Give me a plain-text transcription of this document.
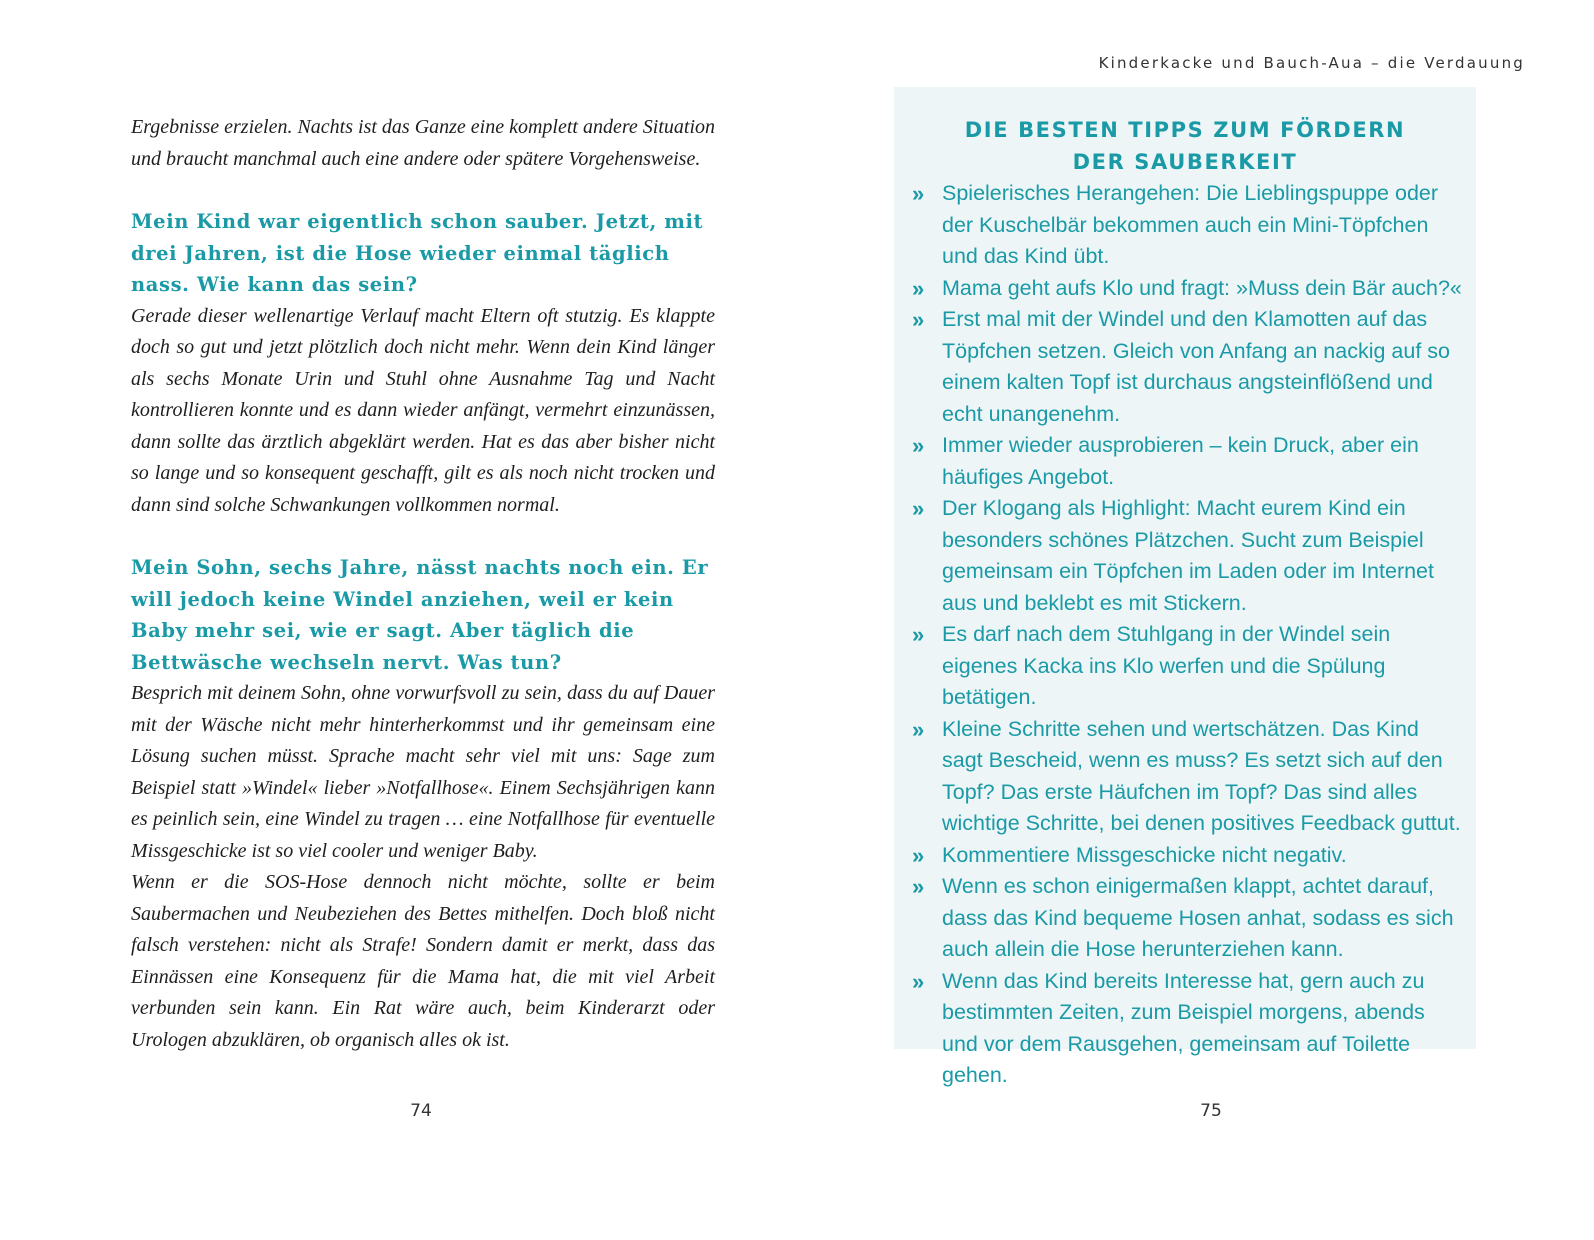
Ergebnisse erzielen. Nachts ist das Ganze eine komplett andere Situation und braucht manchmal auch eine andere oder spätere Vorgehensweise.

Mein Kind war eigentlich schon sauber. Jetzt, mit drei Jahren, ist die Hose wieder einmal täglich nass. Wie kann das sein?

Gerade dieser wellenartige Verlauf macht Eltern oft stutzig. Es klappte doch so gut und jetzt plötzlich doch nicht mehr. Wenn dein Kind länger als sechs Monate Urin und Stuhl ohne Ausnahme Tag und Nacht kontrollieren konnte und es dann wieder anfängt, vermehrt einzunässen, dann sollte das ärztlich abgeklärt werden. Hat es das aber bisher nicht so lange und so konsequent geschafft, gilt es als noch nicht trocken und dann sind solche Schwankungen vollkommen normal.

Mein Sohn, sechs Jahre, nässt nachts noch ein. Er will jedoch keine Windel anziehen, weil er kein Baby mehr sei, wie er sagt. Aber täglich die Bettwäsche wechseln nervt. Was tun?

Besprich mit deinem Sohn, ohne vorwurfsvoll zu sein, dass du auf Dauer mit der Wäsche nicht mehr hinterherkommst und ihr gemeinsam eine Lösung suchen müsst. Sprache macht sehr viel mit uns: Sage zum Beispiel statt »Windel« lieber »Notfallhose«. Einem Sechsjährigen kann es peinlich sein, eine Windel zu tragen … eine Notfallhose für eventuelle Missgeschicke ist so viel cooler und weniger Baby.

Wenn er die SOS-Hose dennoch nicht möchte, sollte er beim Saubermachen und Neubeziehen des Bettes mithelfen. Doch bloß nicht falsch verstehen: nicht als Strafe! Sondern damit er merkt, dass das Einnässen eine Konsequenz für die Mama hat, die mit viel Arbeit verbunden sein kann. Ein Rat wäre auch, beim Kinderarzt oder Urologen abzuklären, ob organisch alles ok ist.

74
Kinderkacke und Bauch-Aua – die Verdauung
DIE BESTEN TIPPS ZUM FÖRDERN
DER SAUBERKEIT
» Spielerisches Herangehen: Die Lieblingspuppe oder der Kuschelbär bekommen auch ein Mini-Töpfchen und das Kind übt.
» Mama geht aufs Klo und fragt: »Muss dein Bär auch?«
» Erst mal mit der Windel und den Klamotten auf das Töpfchen setzen. Gleich von Anfang an nackig auf so einem kalten Topf ist durchaus angsteinflößend und echt unangenehm.
» Immer wieder ausprobieren – kein Druck, aber ein häufiges Angebot.
» Der Klogang als Highlight: Macht eurem Kind ein besonders schönes Plätzchen. Sucht zum Beispiel gemeinsam ein Töpfchen im Laden oder im Internet aus und beklebt es mit Stickern.
» Es darf nach dem Stuhlgang in der Windel sein eigenes Kacka ins Klo werfen und die Spülung betätigen.
» Kleine Schritte sehen und wertschätzen. Das Kind sagt Bescheid, wenn es muss? Es setzt sich auf den Topf? Das erste Häufchen im Topf? Das sind alles wichtige Schritte, bei denen positives Feedback guttut.
» Kommentiere Missgeschicke nicht negativ.
» Wenn es schon einigermaßen klappt, achtet darauf, dass das Kind bequeme Hosen anhat, sodass es sich auch allein die Hose herunterziehen kann.
» Wenn das Kind bereits Interesse hat, gern auch zu bestimmten Zeiten, zum Beispiel morgens, abends und vor dem Rausgehen, gemeinsam auf Toilette gehen.
75
